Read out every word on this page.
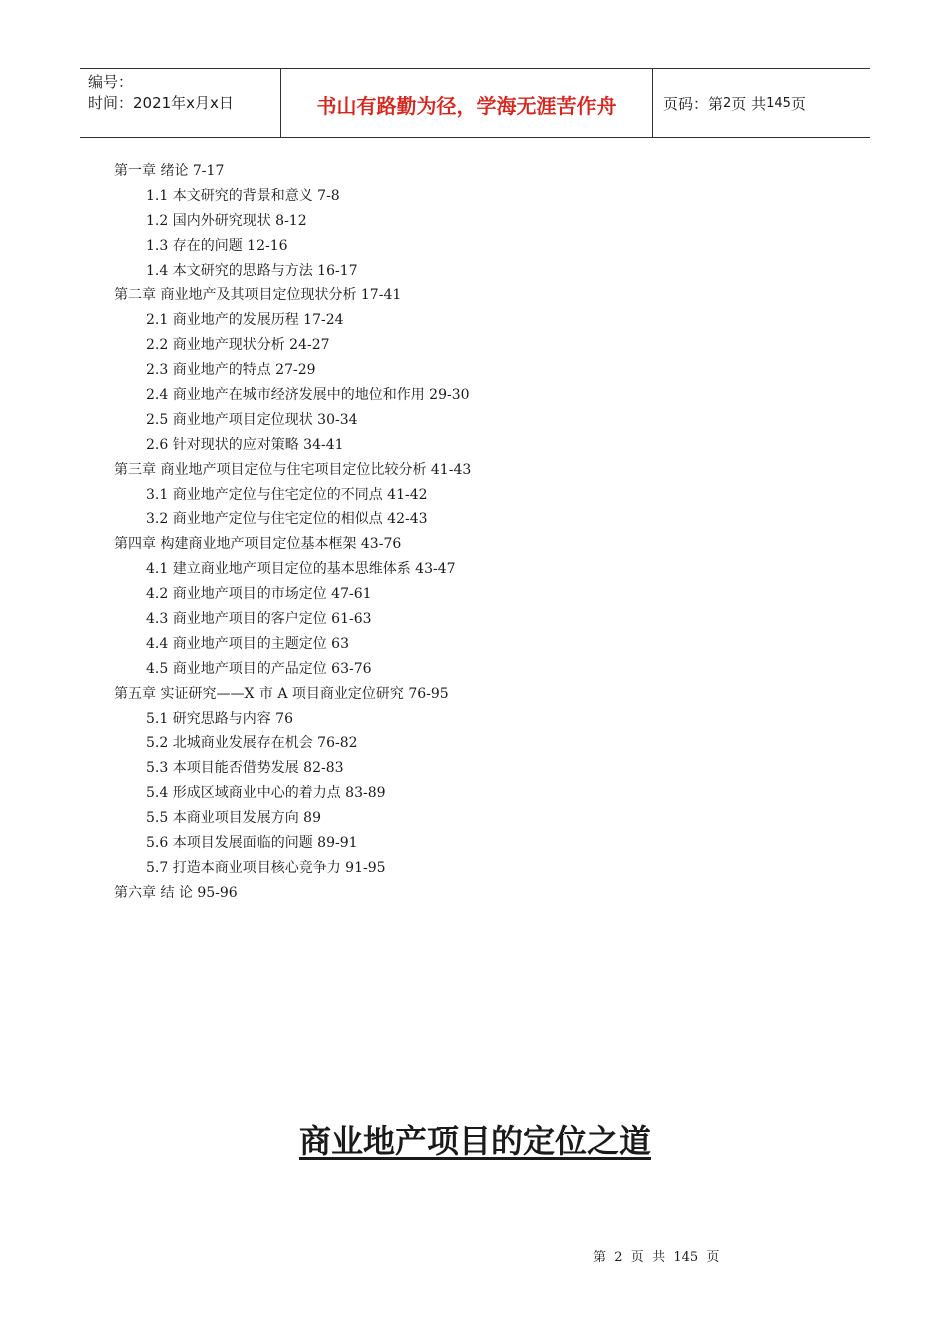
编号：
时间：2021年x月x日	书山有路勤为径，学海无涯苦作舟	页码：第 2 页 共 145 页
第一章 绪论 7-17
1.1 本文研究的背景和意义 7-8
1.2 国内外研究现状 8-12
1.3 存在的问题 12-16
1.4 本文研究的思路与方法 16-17
第二章 商业地产及其项目定位现状分析 17-41
2.1 商业地产的发展历程 17-24
2.2 商业地产现状分析 24-27
2.3 商业地产的特点 27-29
2.4 商业地产在城市经济发展中的地位和作用 29-30
2.5 商业地产项目定位现状 30-34
2.6 针对现状的应对策略 34-41
第三章 商业地产项目定位与住宅项目定位比较分析 41-43
3.1 商业地产定位与住宅定位的不同点 41-42
3.2 商业地产定位与住宅定位的相似点 42-43
第四章 构建商业地产项目定位基本框架 43-76
4.1 建立商业地产项目定位的基本思维体系 43-47
4.2 商业地产项目的市场定位 47-61
4.3 商业地产项目的客户定位 61-63
4.4 商业地产项目的主题定位 63
4.5 商业地产项目的产品定位 63-76
第五章 实证研究——X 市 A 项目商业定位研究 76-95
5.1 研究思路与内容 76
5.2 北城商业发展存在机会 76-82
5.3 本项目能否借势发展 82-83
5.4 形成区域商业中心的着力点 83-89
5.5 本商业项目发展方向 89
5.6 本项目发展面临的问题 89-91
5.7 打造本商业项目核心竞争力 91-95
第六章 结 论 95-96
商业地产项目的定位之道
第  2  页  共  145  页
